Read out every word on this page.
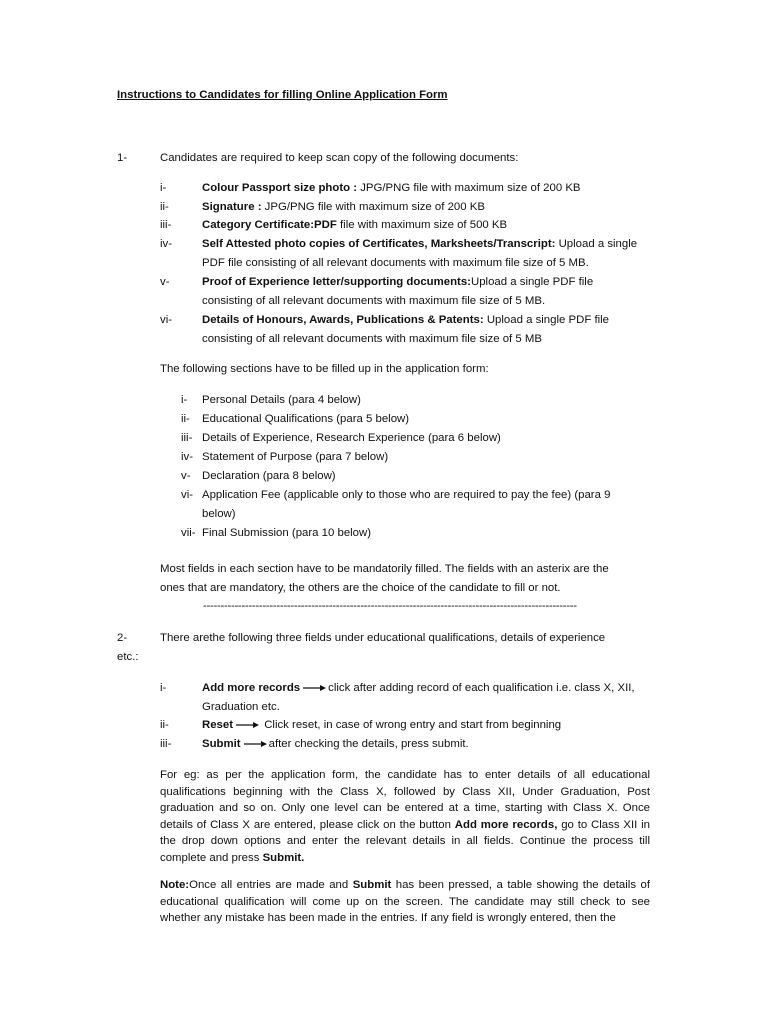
Instructions to Candidates for filling Online Application Form
1-	Candidates are required to keep scan copy of the following documents:
i-	Colour Passport size photo : JPG/PNG file with maximum size of 200 KB
ii-	Signature : JPG/PNG file with maximum size of 200 KB
iii-	Category Certificate:PDF file with maximum size of 500 KB
iv-	Self Attested photo copies of Certificates, Marksheets/Transcript: Upload a single
PDF file consisting of all relevant documents with maximum file size of 5 MB.
v-	Proof of Experience letter/supporting documents:Upload a single PDF file
consisting of all relevant documents with maximum file size of 5 MB.
vi-	Details of Honours, Awards, Publications & Patents: Upload a single PDF file
consisting of all relevant documents with maximum file size of 5 MB
The following sections have to be filled up in the application form:
i- Personal Details (para 4 below)
ii- Educational Qualifications (para 5 below)
iii- Details of Experience, Research Experience (para 6 below)
iv- Statement of Purpose (para 7 below)
v- Declaration (para 8 below)
vi- Application Fee (applicable only to those who are required to pay the fee) (para 9
below)
vii- Final Submission (para 10 below)
Most fields in each section have to be mandatorily filled. The fields with an asterix are the
ones that are mandatory, the others are the choice of the candidate to fill or not.
-----------------------------------------------------------------------------------------------------------
2-	There arethe following three fields under educational qualifications, details of experience
etc.:
i-	Add more records click after adding record of each qualification i.e. class X, XII,
Graduation etc.
ii-	Reset Click reset, in case of wrong entry and start from beginning
iii-	Submit after checking the details, press submit.

For eg: as per the application form, the candidate has to enter details of all educational qualifications beginning with the Class X, followed by Class XII, Under Graduation, Post graduation and so on. Only one level can be entered at a time, starting with Class X. Once details of Class X are entered, please click on the button Add more records, go to Class XII in the drop down options and enter the relevant details in all fields. Continue the process till complete and press Submit.

Note:Once all entries are made and Submit has been pressed, a table showing the details of educational qualification will come up on the screen. The candidate may still check to see whether any mistake has been made in the entries. If any field is wrongly entered, then the
